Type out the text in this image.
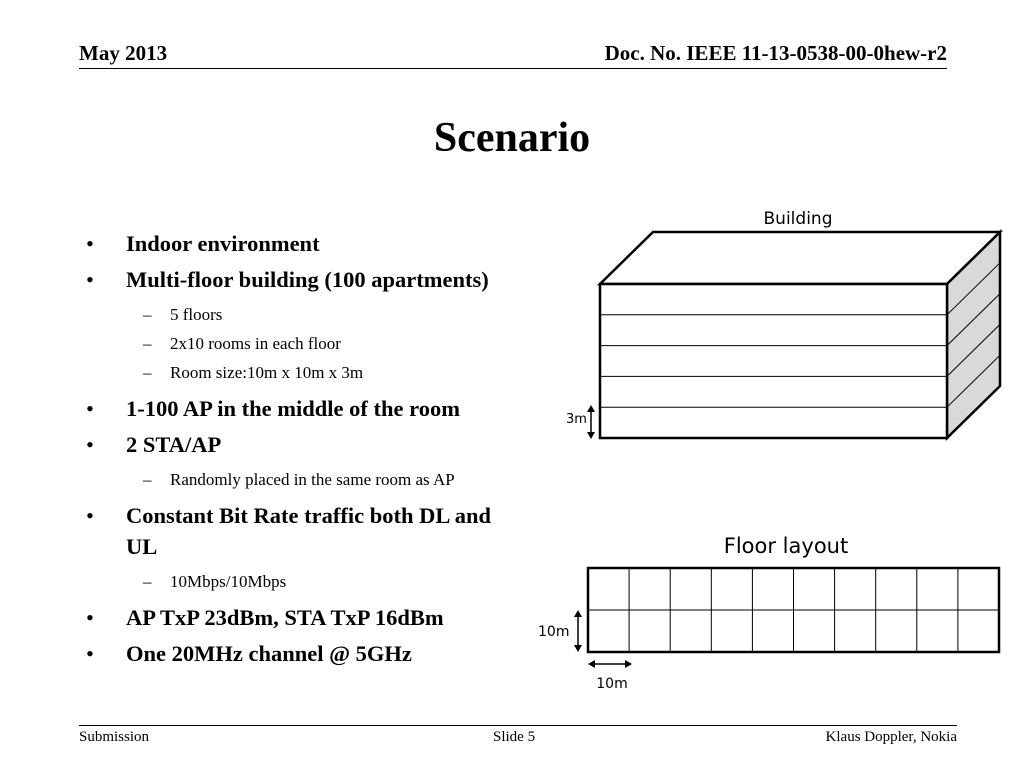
May 2013	Doc. No. IEEE 11-13-0538-00-0hew-r2
Scenario
• Indoor environment
• Multi-floor building (100 apartments)
– 5 floors
– 2x10 rooms in each floor
– Room size:10m x 10m x 3m
• 1-100 AP in the middle of the room
• 2 STA/AP
– Randomly placed in the same room as AP
• Constant Bit Rate traffic both DL and UL
– 10Mbps/10Mbps
• AP TxP 23dBm, STA TxP 16dBm
• One 20MHz channel @ 5GHz
Building
3m
Floor layout
10m
10m
Submission	Slide 5	Klaus Doppler, Nokia
